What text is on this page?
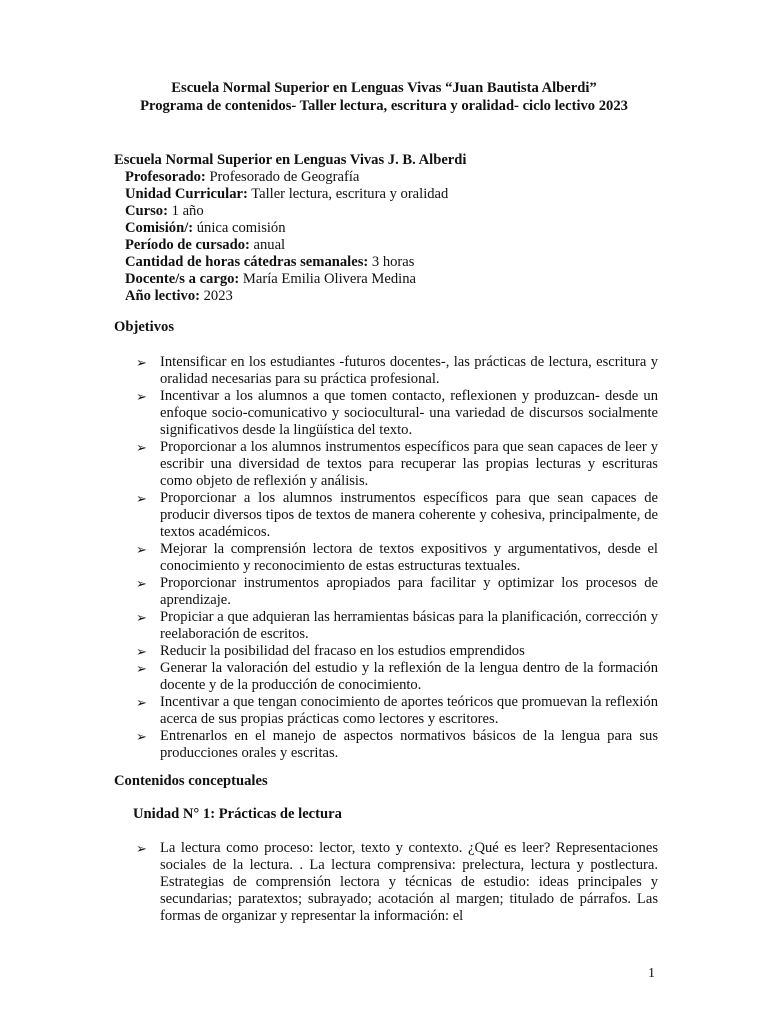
Escuela Normal Superior en Lenguas Vivas “Juan Bautista Alberdi”
Programa de contenidos- Taller lectura, escritura y oralidad- ciclo lectivo 2023
Escuela Normal Superior en Lenguas Vivas J. B. Alberdi
Profesorado: Profesorado de Geografía
Unidad Curricular: Taller lectura, escritura y oralidad
Curso: 1 año
Comisión/: única comisión
Período de cursado: anual
Cantidad de horas cátedras semanales: 3 horas
Docente/s a cargo: María Emilia Olivera Medina
Año lectivo: 2023
Objetivos
➢ Intensificar en los estudiantes -futuros docentes-, las prácticas de lectura, escritura y oralidad necesarias para su práctica profesional.
➢ Incentivar a los alumnos a que tomen contacto, reflexionen y produzcan- desde un enfoque socio-comunicativo y sociocultural- una variedad de discursos socialmente significativos desde la lingüística del texto.
➢ Proporcionar a los alumnos instrumentos específicos para que sean capaces de leer y escribir una diversidad de textos para recuperar las propias lecturas y escrituras como objeto de reflexión y análisis.
➢ Proporcionar a los alumnos instrumentos específicos para que sean capaces de producir diversos tipos de textos de manera coherente y cohesiva, principalmente, de textos académicos.
➢ Mejorar la comprensión lectora de textos expositivos y argumentativos, desde el conocimiento y reconocimiento de estas estructuras textuales.
➢ Proporcionar instrumentos apropiados para facilitar y optimizar los procesos de aprendizaje.
➢ Propiciar a que adquieran las herramientas básicas para la planificación, corrección y reelaboración de escritos.
➢ Reducir la posibilidad del fracaso en los estudios emprendidos
➢ Generar la valoración del estudio y la reflexión de la lengua dentro de la formación docente y de la producción de conocimiento.
➢ Incentivar a que tengan conocimiento de aportes teóricos que promuevan la reflexión acerca de sus propias prácticas como lectores y escritores.
➢ Entrenarlos en el manejo de aspectos normativos básicos de la lengua para sus producciones orales y escritas.
Contenidos conceptuales
Unidad N° 1: Prácticas de lectura
➢ La lectura como proceso: lector, texto y contexto. ¿Qué es leer? Representaciones sociales de la lectura. . La lectura comprensiva: prelectura, lectura y postlectura. Estrategias de comprensión lectora y técnicas de estudio: ideas principales y secundarias; paratextos; subrayado; acotación al margen; titulado de párrafos. Las formas de organizar y representar la información: el
1
